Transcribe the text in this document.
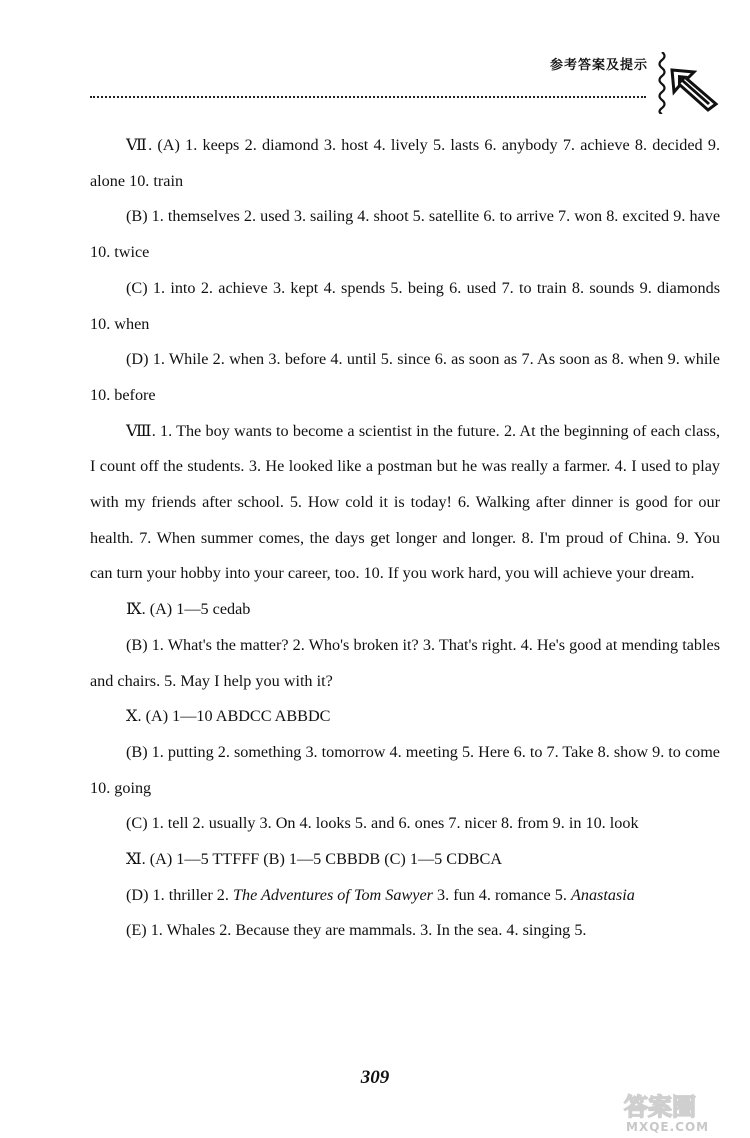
参考答案及提示

Ⅶ. (A) 1. keeps 2. diamond 3. host 4. lively 5. lasts 6. anybody 7. achieve 8. decided 9. alone 10. train

(B) 1. themselves 2. used 3. sailing 4. shoot 5. satellite 6. to arrive 7. won 8. excited 9. have 10. twice

(C) 1. into 2. achieve 3. kept 4. spends 5. being 6. used 7. to train 8. sounds 9. diamonds 10. when

(D) 1. While 2. when 3. before 4. until 5. since 6. as soon as 7. As soon as 8. when 9. while 10. before

Ⅷ. 1. The boy wants to become a scientist in the future. 2. At the beginning of each class, I count off the students. 3. He looked like a postman but he was really a farmer. 4. I used to play with my friends after school. 5. How cold it is today! 6. Walking after dinner is good for our health. 7. When summer comes, the days get longer and longer. 8. I'm proud of China. 9. You can turn your hobby into your career, too. 10. If you work hard, you will achieve your dream.

Ⅸ. (A) 1—5 cedab

(B) 1. What's the matter? 2. Who's broken it? 3. That's right. 4. He's good at mending tables and chairs. 5. May I help you with it?

Ⅹ. (A) 1—10 ABDCC ABBDC

(B) 1. putting 2. something 3. tomorrow 4. meeting 5. Here 6. to 7. Take 8. show 9. to come 10. going

(C) 1. tell 2. usually 3. On 4. looks 5. and 6. ones 7. nicer 8. from 9. in 10. look

Ⅺ. (A) 1—5 TTFFF (B) 1—5 CBBDB (C) 1—5 CDBCA

(D) 1. thriller 2. The Adventures of Tom Sawyer 3. fun 4. romance 5. Anastasia

(E) 1. Whales 2. Because they are mammals. 3. In the sea. 4. singing 5.

309
答案圈
MXQE.COM
